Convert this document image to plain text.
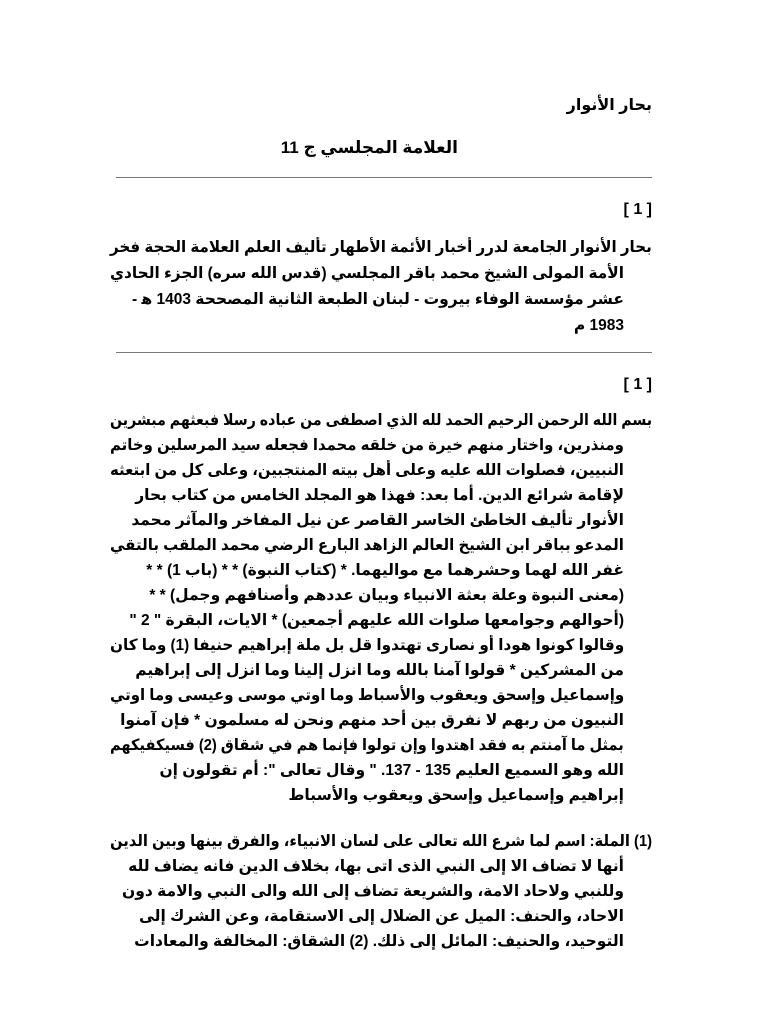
بحار الأنوار
العلامة المجلسي ج 11
[ 1 ]
بحار الأنوار الجامعة لدرر أخبار الأئمة الأطهار تأليف العلم العلامة الحجة فخر
الأمة المولى الشيخ محمد باقر المجلسي (قدس الله سره) الجزء الحادي
عشر مؤسسة الوفاء بيروت - لبنان الطبعة الثانية المصححة 1403 ه‍ -
1983 م
[ 1 ]
بسم الله الرحمن الرحيم الحمد لله الذي اصطفى من عباده رسلا فبعثهم مبشرين
ومنذرين، واختار منهم خيرة من خلقه محمدا فجعله سيد المرسلين وخاتم
النبيين، فصلوات الله عليه وعلى أهل بيته المنتجبين، وعلى كل من ابتعثه
لإقامة شرائع الدين. أما بعد: فهذا هو المجلد الخامس من كتاب بحار
الأنوار تأليف الخاطئ الخاسر القاصر عن نيل المفاخر والمآثر محمد
المدعو بباقر ابن الشيخ العالم الزاهد البارع الرضي محمد الملقب بالتقي
غفر الله لهما وحشرهما مع مواليهما. * (كتاب النبوة) * * (باب 1) * *
(معنى النبوة وعلة بعثة الانبياء وبيان عددهم وأصنافهم وجمل) * *
(أحوالهم وجوامعها صلوات الله عليهم أجمعين) * الايات، البقرة " 2 "
وقالوا كونوا هودا أو نصارى تهتدوا قل بل ملة إبراهيم حنيفا (1) وما كان
من المشركين * قولوا آمنا بالله وما انزل إلينا وما انزل إلى إبراهيم
وإسماعيل وإسحق ويعقوب والأسباط وما اوتي موسى وعيسى وما اوتي
النبيون من ربهم لا نفرق بين أحد منهم ونحن له مسلمون * فإن آمنوا
بمثل ما آمنتم به فقد اهتدوا وإن تولوا فإنما هم في شقاق (2) فسيكفيكهم
الله وهو السميع العليم 135 - 137. " وقال تعالى ": أم تقولون إن
إبراهيم وإسماعيل وإسحق ويعقوب والأسباط
(1) الملة: اسم لما شرع الله تعالى على لسان الانبياء، والفرق بينها وبين الدين
أنها لا تضاف الا إلى النبي الذى اتى بها، بخلاف الدين فانه يضاف لله
وللنبي ولاحاد الامة، والشريعة تضاف إلى الله والى النبي والامة دون
الاحاد، والحنف: الميل عن الضلال إلى الاستقامة، وعن الشرك إلى
التوحيد، والحنيف: المائل إلى ذلك. (2) الشقاق: المخالفة والمعادات
